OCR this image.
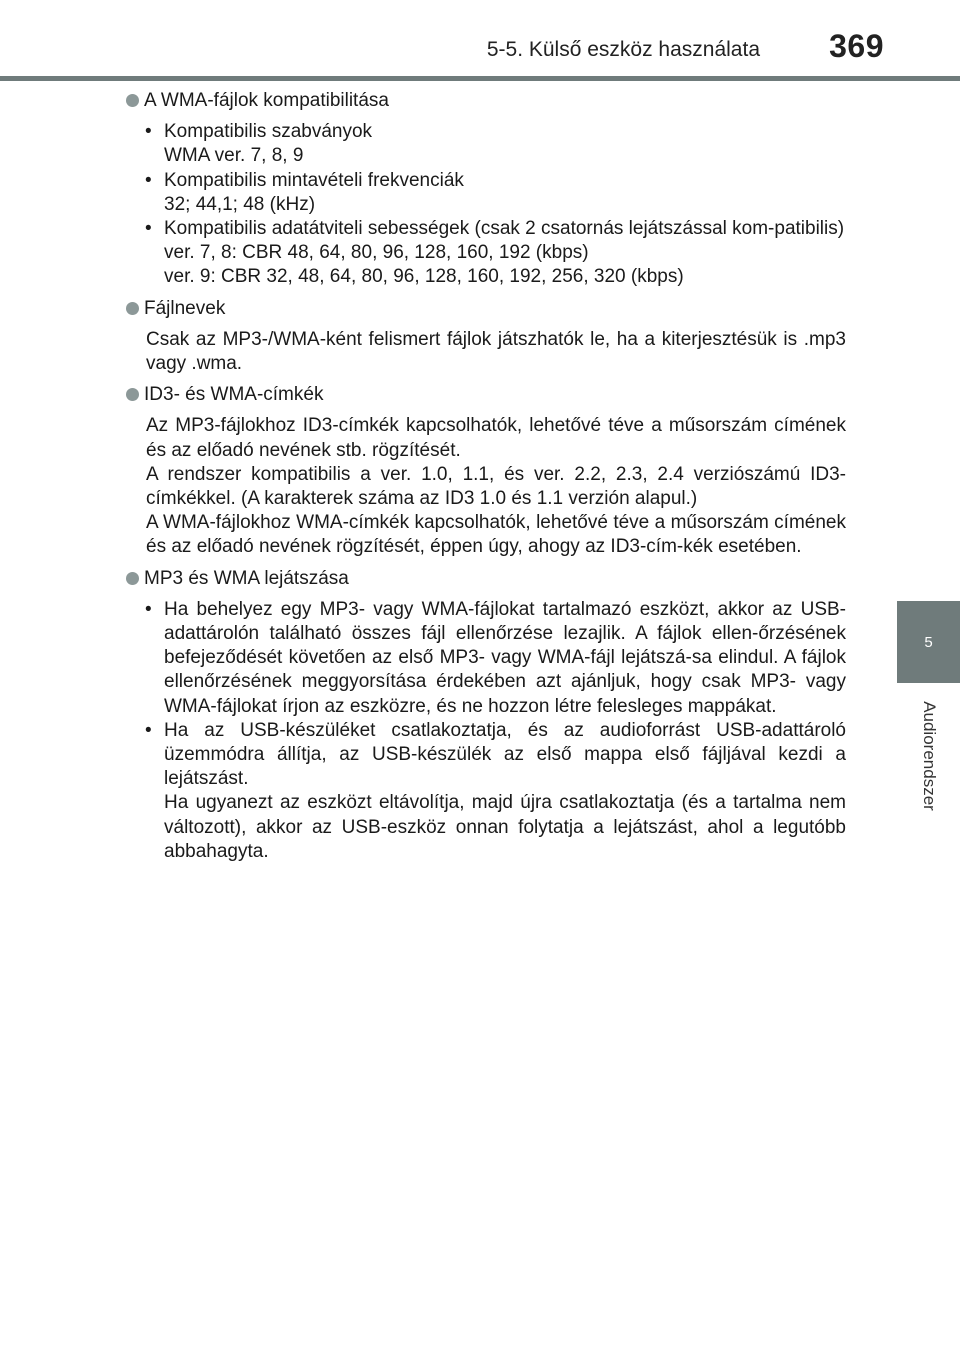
5-5. Külső eszköz használata	369
5
Audiorendszer

A WMA-fájlok kompatibilitása

• Kompatibilis szabványok
WMA ver. 7, 8, 9
• Kompatibilis mintavételi frekvenciák
32; 44,1; 48 (kHz)
• Kompatibilis adatátviteli sebességek (csak 2 csatornás lejátszással kom-patibilis)
ver. 7, 8: CBR 48, 64, 80, 96, 128, 160, 192 (kbps)
ver. 9: CBR 32, 48, 64, 80, 96, 128, 160, 192, 256, 320 (kbps)

Fájlnevek

Csak az MP3-/WMA-ként felismert fájlok játszhatók le, ha a kiterjesztésük is .mp3 vagy .wma.

ID3- és WMA-címkék

Az MP3-fájlokhoz ID3-címkék kapcsolhatók, lehetővé téve a műsorszám címének és az előadó nevének stb. rögzítését.
A rendszer kompatibilis a ver. 1.0, 1.1, és ver. 2.2, 2.3, 2.4 verziószámú ID3-címkékkel. (A karakterek száma az ID3 1.0 és 1.1 verzión alapul.)
A WMA-fájlokhoz WMA-címkék kapcsolhatók, lehetővé téve a műsorszám címének és az előadó nevének rögzítését, éppen úgy, ahogy az ID3-cím-kék esetében.

MP3 és WMA lejátszása

• Ha behelyez egy MP3- vagy WMA-fájlokat tartalmazó eszközt, akkor az USB-adattárolón található összes fájl ellenőrzése lezajlik. A fájlok ellen-őrzésének befejeződését követően az első MP3- vagy WMA-fájl lejátszá-sa elindul. A fájlok ellenőrzésének meggyorsítása érdekében azt ajánljuk, hogy csak MP3- vagy WMA-fájlokat írjon az eszközre, és ne hozzon létre felesleges mappákat.
• Ha az USB-készüléket csatlakoztatja, és az audioforrást USB-adattároló üzemmódra állítja, az USB-készülék az első mappa első fájljával kezdi a lejátszást.
Ha ugyanezt az eszközt eltávolítja, majd újra csatlakoztatja (és a tartalma nem változott), akkor az USB-eszköz onnan folytatja a lejátszást, ahol a legutóbb abbahagyta.
